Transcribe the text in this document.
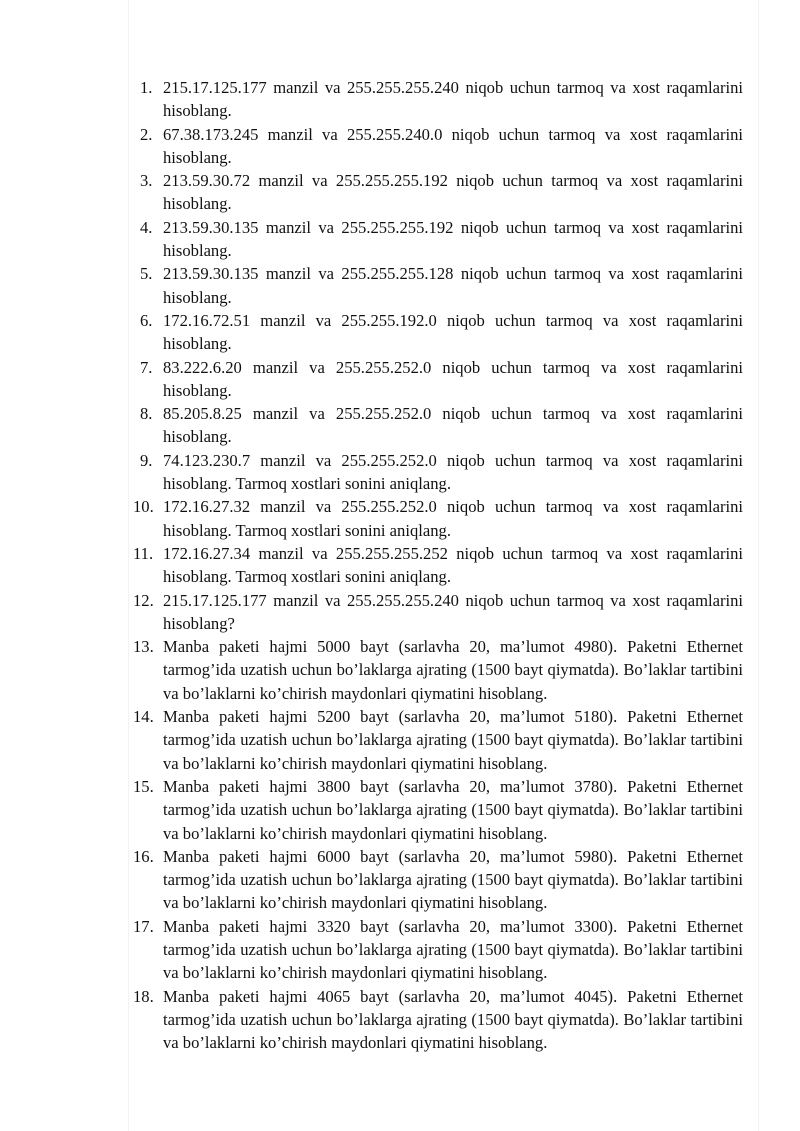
1. 215.17.125.177 manzil va 255.255.255.240 niqob uchun tarmoq va xost raqamlarini hisoblang.
2. 67.38.173.245 manzil va 255.255.240.0 niqob uchun tarmoq va xost raqamlarini hisoblang.
3. 213.59.30.72 manzil va 255.255.255.192 niqob uchun tarmoq va xost raqamlarini hisoblang.
4. 213.59.30.135 manzil va 255.255.255.192 niqob uchun tarmoq va xost raqamlarini hisoblang.
5. 213.59.30.135 manzil va 255.255.255.128 niqob uchun tarmoq va xost raqamlarini hisoblang.
6. 172.16.72.51 manzil va 255.255.192.0 niqob uchun tarmoq va xost raqamlarini hisoblang.
7. 83.222.6.20 manzil va 255.255.252.0 niqob uchun tarmoq va xost raqamlarini hisoblang.
8. 85.205.8.25 manzil va 255.255.252.0 niqob uchun tarmoq va xost raqamlarini hisoblang.
9. 74.123.230.7 manzil va 255.255.252.0 niqob uchun tarmoq va xost raqamlarini hisoblang. Tarmoq xostlari sonini aniqlang.
10. 172.16.27.32 manzil va 255.255.252.0 niqob uchun tarmoq va xost raqamlarini hisoblang. Tarmoq xostlari sonini aniqlang.
11. 172.16.27.34 manzil va 255.255.255.252 niqob uchun tarmoq va xost raqamlarini hisoblang. Tarmoq xostlari sonini aniqlang.
12. 215.17.125.177 manzil va 255.255.255.240 niqob uchun tarmoq va xost raqamlarini hisoblang?
13. Manba paketi hajmi 5000 bayt (sarlavha 20, ma’lumot 4980). Paketni Ethernet tarmog’ida uzatish uchun bo’laklarga ajrating (1500 bayt qiymatda). Bo’laklar tartibini va bo’laklarni ko’chirish maydonlari qiymatini hisoblang.
14. Manba paketi hajmi 5200 bayt (sarlavha 20, ma’lumot 5180). Paketni Ethernet tarmog’ida uzatish uchun bo’laklarga ajrating (1500 bayt qiymatda). Bo’laklar tartibini va bo’laklarni ko’chirish maydonlari qiymatini hisoblang.
15. Manba paketi hajmi 3800 bayt (sarlavha 20, ma’lumot 3780). Paketni Ethernet tarmog’ida uzatish uchun bo’laklarga ajrating (1500 bayt qiymatda). Bo’laklar tartibini va bo’laklarni ko’chirish maydonlari qiymatini hisoblang.
16. Manba paketi hajmi 6000 bayt (sarlavha 20, ma’lumot 5980). Paketni Ethernet tarmog’ida uzatish uchun bo’laklarga ajrating (1500 bayt qiymatda). Bo’laklar tartibini va bo’laklarni ko’chirish maydonlari qiymatini hisoblang.
17. Manba paketi hajmi 3320 bayt (sarlavha 20, ma’lumot 3300). Paketni Ethernet tarmog’ida uzatish uchun bo’laklarga ajrating (1500 bayt qiymatda). Bo’laklar tartibini va bo’laklarni ko’chirish maydonlari qiymatini hisoblang.
18. Manba paketi hajmi 4065 bayt (sarlavha 20, ma’lumot 4045). Paketni Ethernet tarmog’ida uzatish uchun bo’laklarga ajrating (1500 bayt qiymatda). Bo’laklar tartibini va bo’laklarni ko’chirish maydonlari qiymatini hisoblang.
